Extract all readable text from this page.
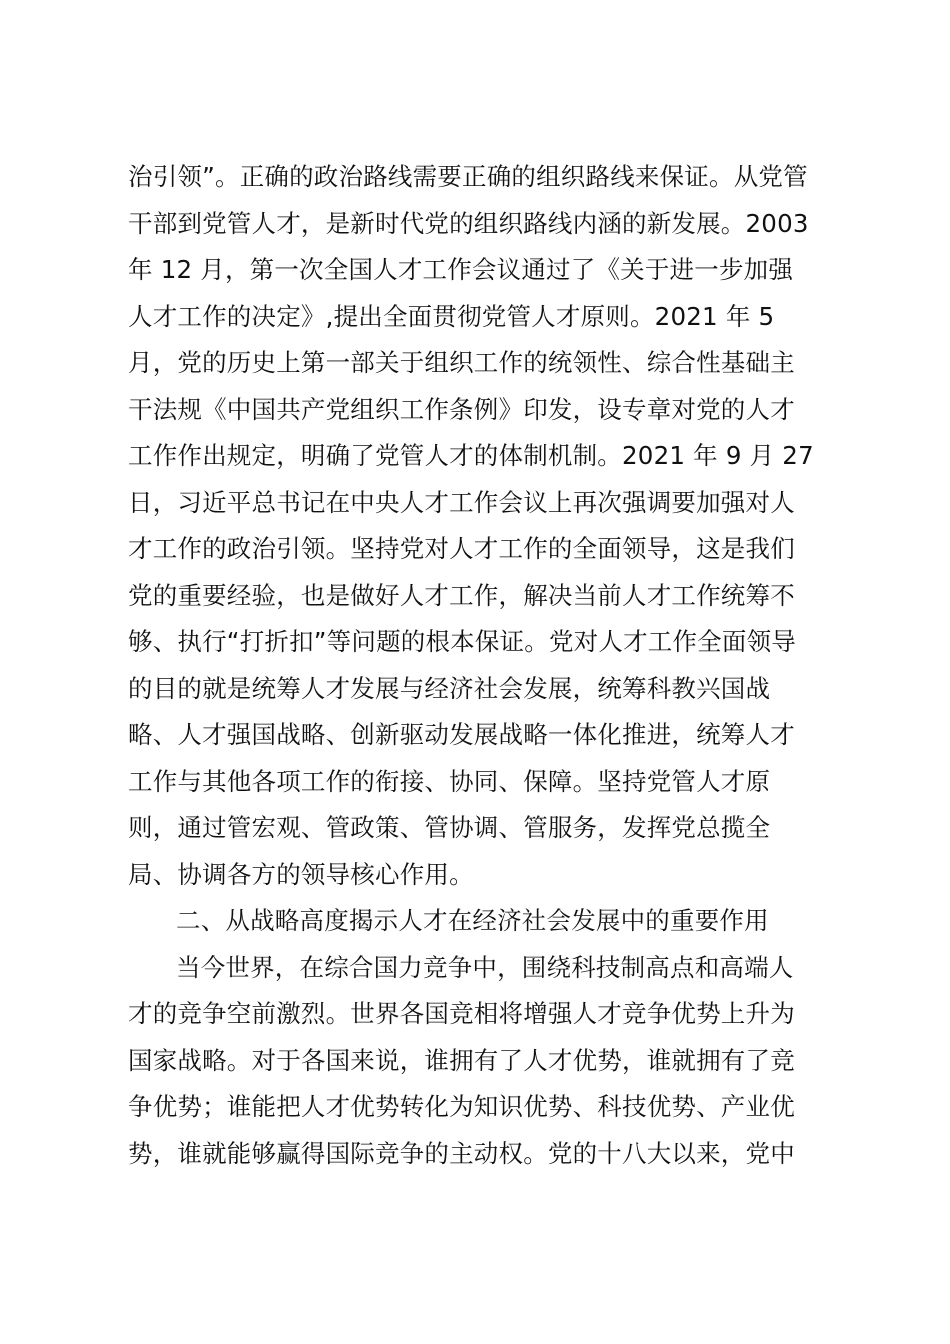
治引领”。正确的政治路线需要正确的组织路线来保证。从党管
干部到党管人才，是新时代党的组织路线内涵的新发展。2003
年 12 月，第一次全国人才工作会议通过了《关于进一步加强
人才工作的决定》,提出全面贯彻党管人才原则。2021 年 5
月，党的历史上第一部关于组织工作的统领性、综合性基础主
干法规《中国共产党组织工作条例》印发，设专章对党的人才
工作作出规定，明确了党管人才的体制机制。2021 年 9 月 27
日，习近平总书记在中央人才工作会议上再次强调要加强对人
才工作的政治引领。坚持党对人才工作的全面领导，这是我们
党的重要经验，也是做好人才工作，解决当前人才工作统筹不
够、执行“打折扣”等问题的根本保证。党对人才工作全面领导
的目的就是统筹人才发展与经济社会发展，统筹科教兴国战
略、人才强国战略、创新驱动发展战略一体化推进，统筹人才
工作与其他各项工作的衔接、协同、保障。坚持党管人才原
则，通过管宏观、管政策、管协调、管服务，发挥党总揽全
局、协调各方的领导核心作用。
二、从战略高度揭示人才在经济社会发展中的重要作用
当今世界，在综合国力竞争中，围绕科技制高点和高端人
才的竞争空前激烈。世界各国竞相将增强人才竞争优势上升为
国家战略。对于各国来说，谁拥有了人才优势，谁就拥有了竞
争优势；谁能把人才优势转化为知识优势、科技优势、产业优
势，谁就能够赢得国际竞争的主动权。党的十八大以来，党中
